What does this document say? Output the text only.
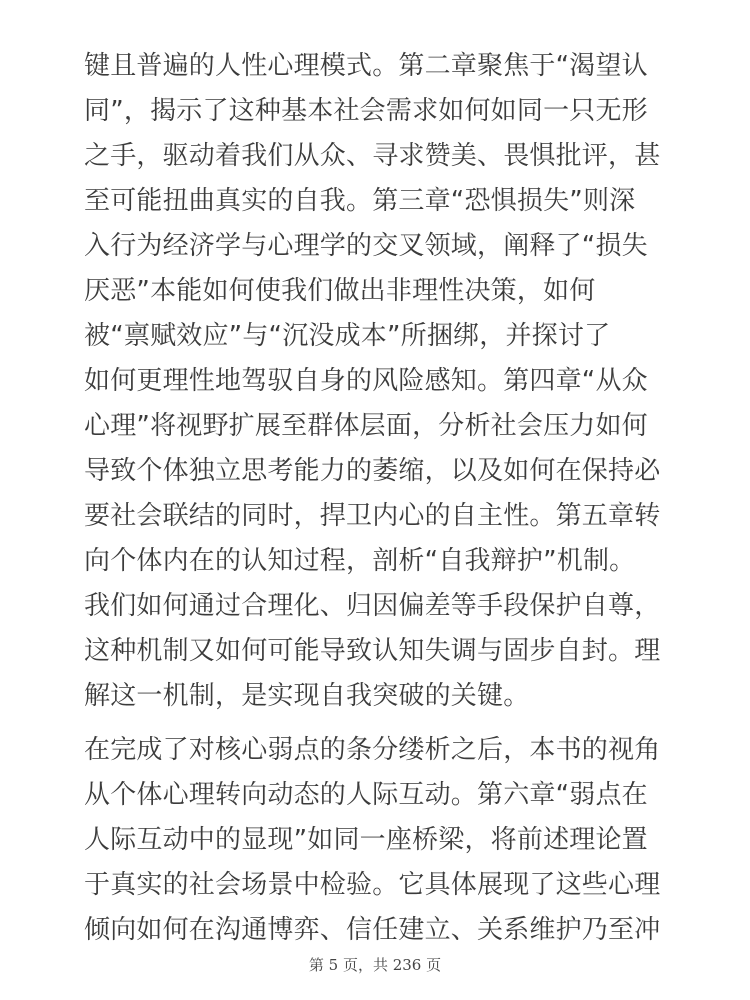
键且普遍的人性心理模式。第二章聚焦于“渴望认
同”，揭示了这种基本社会需求如何如同一只无形
之手，驱动着我们从众、寻求赞美、畏惧批评，甚
至可能扭曲真实的自我。第三章“恐惧损失”则深
入行为经济学与心理学的交叉领域，阐释了“损失
厌恶”本能如何使我们做出非理性决策，如何
被“禀赋效应”与“沉没成本”所捆绑，并探讨了
如何更理性地驾驭自身的风险感知。第四章“从众
心理”将视野扩展至群体层面，分析社会压力如何
导致个体独立思考能力的萎缩，以及如何在保持必
要社会联结的同时，捍卫内心的自主性。第五章转
向个体内在的认知过程，剖析“自我辩护”机制。
我们如何通过合理化、归因偏差等手段保护自尊，
这种机制又如何可能导致认知失调与固步自封。理
解这一机制，是实现自我突破的关键。
在完成了对核心弱点的条分缕析之后，本书的视角
从个体心理转向动态的人际互动。第六章“弱点在
人际互动中的显现”如同一座桥梁，将前述理论置
于真实的社会场景中检验。它具体展现了这些心理
倾向如何在沟通博弈、信任建立、关系维护乃至冲
第 5 页，共 236 页
